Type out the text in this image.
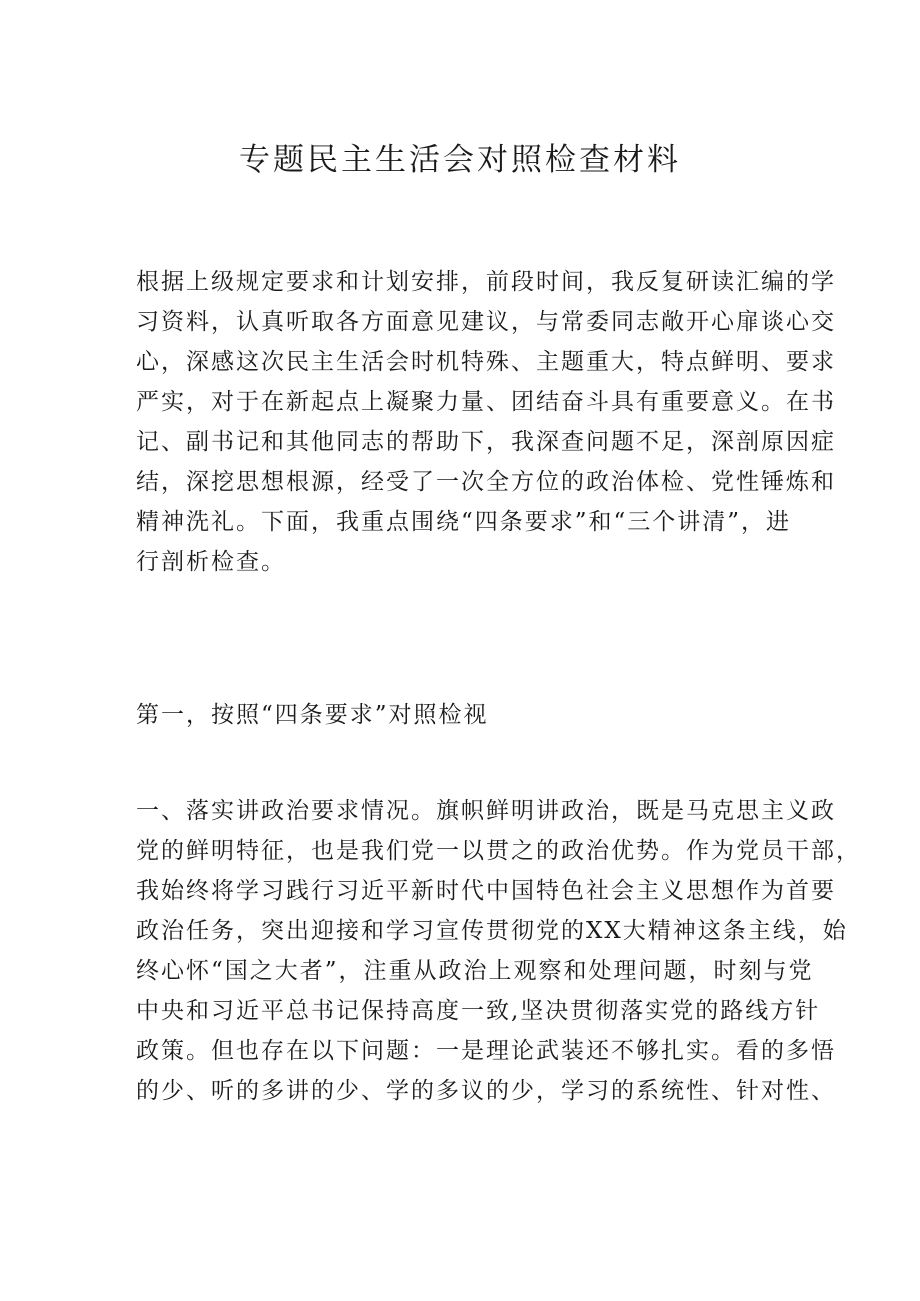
专题民主生活会对照检查材料
根据上级规定要求和计划安排，前段时间，我反复研读汇编的学
习资料，认真听取各方面意见建议，与常委同志敞开心扉谈心交
心，深感这次民主生活会时机特殊、主题重大，特点鲜明、要求
严实，对于在新起点上凝聚力量、团结奋斗具有重要意义。在书
记、副书记和其他同志的帮助下，我深查问题不足，深剖原因症
结，深挖思想根源，经受了一次全方位的政治体检、党性锤炼和
精神洗礼。下面，我重点围绕“四条要求”和“三个讲清”，进
行剖析检查。
第一，按照“四条要求”对照检视
一、落实讲政治要求情况。旗帜鲜明讲政治，既是马克思主义政
党的鲜明特征，也是我们党一以贯之的政治优势。作为党员干部，
我始终将学习践行习近平新时代中国特色社会主义思想作为首要
政治任务，突出迎接和学习宣传贯彻党的XX大精神这条主线，始
终心怀“国之大者”，注重从政治上观察和处理问题，时刻与党
中央和习近平总书记保持高度一致,坚决贯彻落实党的路线方针
政策。但也存在以下问题：一是理论武装还不够扎实。看的多悟
的少、听的多讲的少、学的多议的少，学习的系统性、针对性、
